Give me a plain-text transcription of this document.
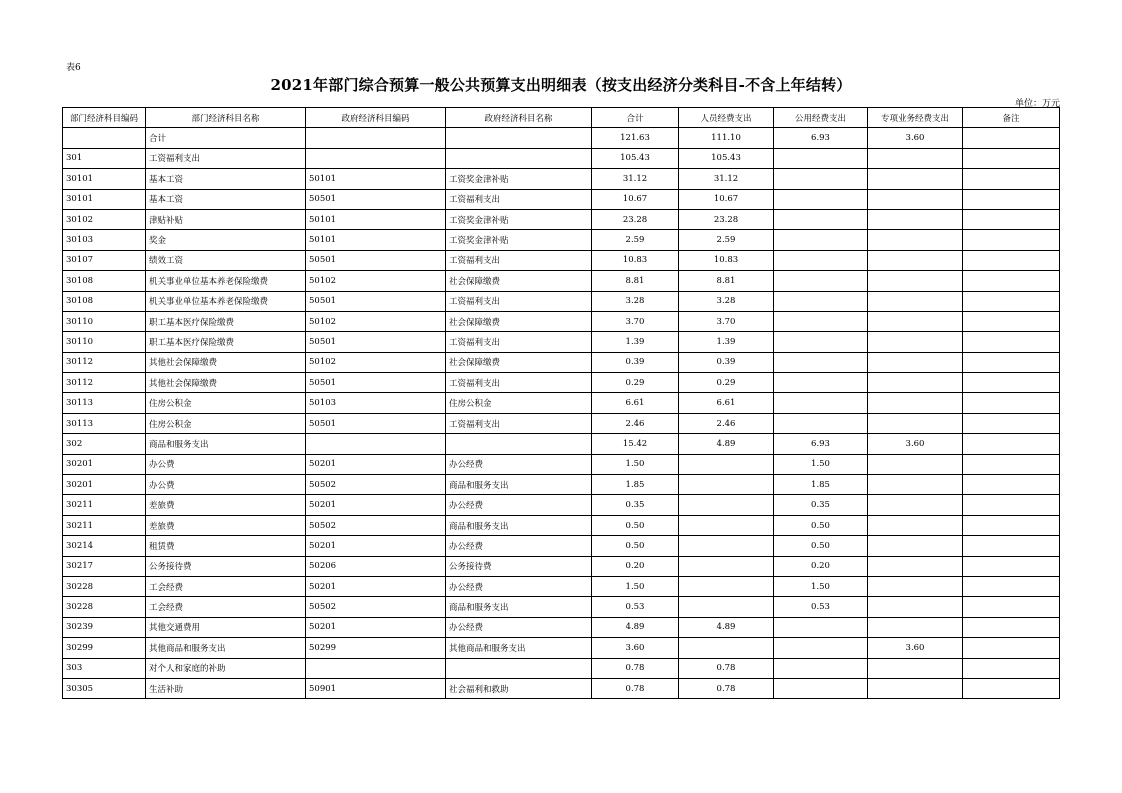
表6
2021年部门综合预算一般公共预算支出明细表（按支出经济分类科目-不含上年结转）
单位：万元
部门经济科目编码	部门经济科目名称	政府经济科目编码	政府经济科目名称	合计	人员经费支出	公用经费支出	专项业务经费支出	备注
	合计			121.63	111.10	6.93	3.60	
301	工资福利支出			105.43	105.43			
30101	基本工资	50101	工资奖金津补贴	31.12	31.12			
30101	基本工资	50501	工资福利支出	10.67	10.67			
30102	津贴补贴	50101	工资奖金津补贴	23.28	23.28			
30103	奖金	50101	工资奖金津补贴	2.59	2.59			
30107	绩效工资	50501	工资福利支出	10.83	10.83			
30108	机关事业单位基本养老保险缴费	50102	社会保障缴费	8.81	8.81			
30108	机关事业单位基本养老保险缴费	50501	工资福利支出	3.28	3.28			
30110	职工基本医疗保险缴费	50102	社会保障缴费	3.70	3.70			
30110	职工基本医疗保险缴费	50501	工资福利支出	1.39	1.39			
30112	其他社会保障缴费	50102	社会保障缴费	0.39	0.39			
30112	其他社会保障缴费	50501	工资福利支出	0.29	0.29			
30113	住房公积金	50103	住房公积金	6.61	6.61			
30113	住房公积金	50501	工资福利支出	2.46	2.46			
302	商品和服务支出			15.42	4.89	6.93	3.60	
30201	办公费	50201	办公经费	1.50		1.50		
30201	办公费	50502	商品和服务支出	1.85		1.85		
30211	差旅费	50201	办公经费	0.35		0.35		
30211	差旅费	50502	商品和服务支出	0.50		0.50		
30214	租赁费	50201	办公经费	0.50		0.50		
30217	公务接待费	50206	公务接待费	0.20		0.20		
30228	工会经费	50201	办公经费	1.50		1.50		
30228	工会经费	50502	商品和服务支出	0.53		0.53		
30239	其他交通费用	50201	办公经费	4.89	4.89			
30299	其他商品和服务支出	50299	其他商品和服务支出	3.60			3.60	
303	对个人和家庭的补助			0.78	0.78			
30305	生活补助	50901	社会福利和救助	0.78	0.78			
